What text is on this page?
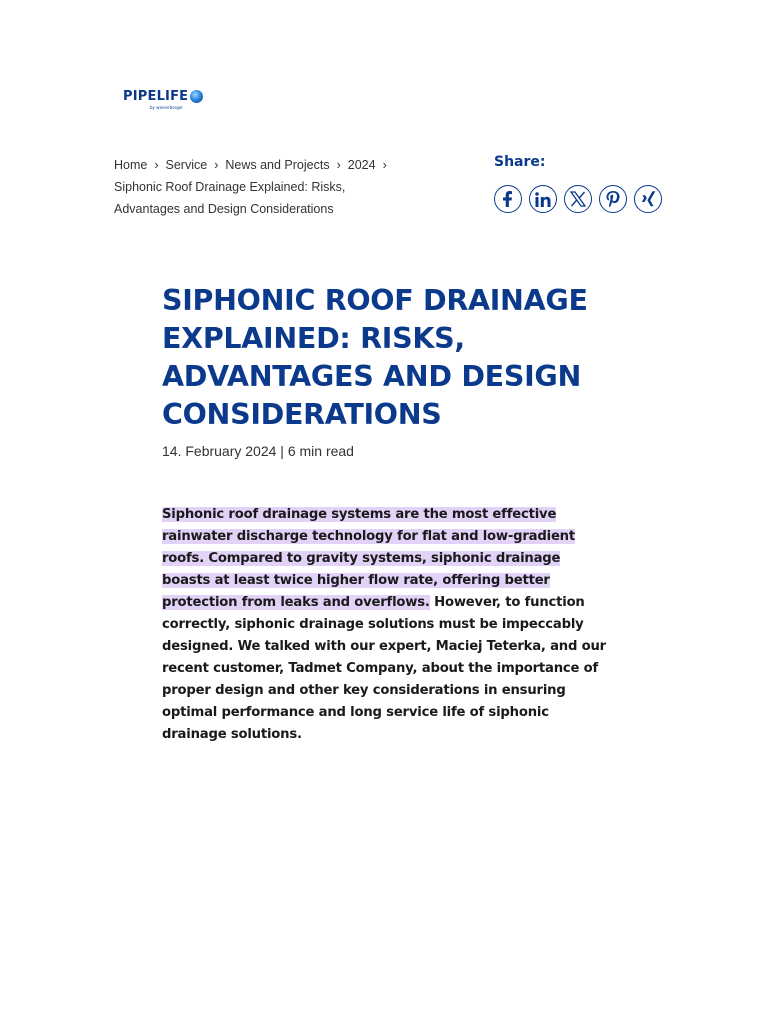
PIPELIFE
by wienerberger
Home › Service › News and Projects › 2024 ›
Siphonic Roof Drainage Explained: Risks, Advantages and Design Considerations
Share:
SIPHONIC ROOF DRAINAGE EXPLAINED: RISKS, ADVANTAGES AND DESIGN CONSIDERATIONS
14. February 2024 | 6 min read

Siphonic roof drainage systems are the most effective rainwater discharge technology for flat and low-gradient roofs. Compared to gravity systems, siphonic drainage boasts at least twice higher flow rate, offering better protection from leaks and overflows. However, to function correctly, siphonic drainage solutions must be impeccably designed. We talked with our expert, Maciej Teterka, and our recent customer, Tadmet Company, about the importance of proper design and other key considerations in ensuring optimal performance and long service life of siphonic drainage solutions.
